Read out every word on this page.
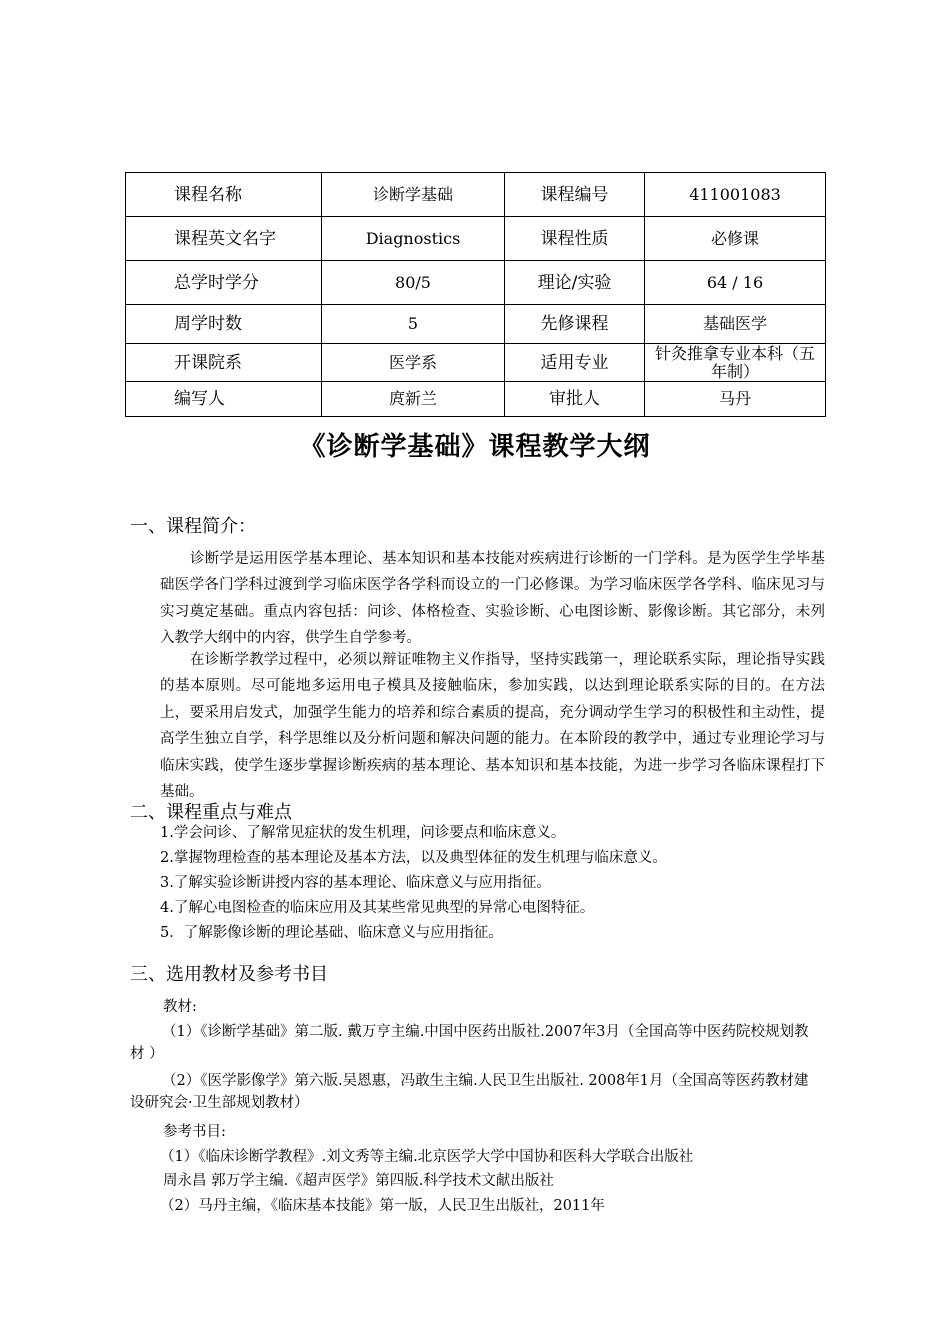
课程名称	诊断学基础	课程编号	411001083
课程英文名字	Diagnostics	课程性质	必修课
总学时学分	80/5	理论/实验	64 / 16
周学时数	5	先修课程	基础医学
开课院系	医学系	适用专业	针灸推拿专业本科（五年制）
编写人	庹新兰	审批人	马丹
《诊断学基础》课程教学大纲
一、课程简介：

诊断学是运用医学基本理论、基本知识和基本技能对疾病进行诊断的一门学科。是为医学生学毕基础医学各门学科过渡到学习临床医学各学科而设立的一门必修课。为学习临床医学各学科、临床见习与实习奠定基础。重点内容包括：问诊、体格检查、实验诊断、心电图诊断、影像诊断。其它部分，未列入教学大纲中的内容，供学生自学参考。

在诊断学教学过程中，必须以辩证唯物主义作指导，坚持实践第一，理论联系实际，理论指导实践的基本原则。尽可能地多运用电子模具及接触临床，参加实践，以达到理论联系实际的目的。在方法上，要采用启发式，加强学生能力的培养和综合素质的提高，充分调动学生学习的积极性和主动性，提高学生独立自学，科学思维以及分析问题和解决问题的能力。在本阶段的教学中，通过专业理论学习与临床实践，使学生逐步掌握诊断疾病的基本理论、基本知识和基本技能，为进一步学习各临床课程打下基础。

二、课程重点与难点

1.学会问诊、了解常见症状的发生机理，问诊要点和临床意义。

2.掌握物理检查的基本理论及基本方法，以及典型体征的发生机理与临床意义。

3.了解实验诊断讲授内容的基本理论、临床意义与应用指征。

4.了解心电图检查的临床应用及其某些常见典型的异常心电图特征。

5．了解影像诊断的理论基础、临床意义与应用指征。

三、选用教材及参考书目

教材:

（1）《诊断学基础》第二版. 戴万亨主编.中国中医药出版社.2007年3月（全国高等中医药院校规划教材 ）

（2）《医学影像学》第六版.吴恩惠，冯敢生主编.人民卫生出版社. 2008年1月（全国高等医药教材建设研究会·卫生部规划教材）

参考书目:

（1）《临床诊断学教程》.刘文秀等主编.北京医学大学中国协和医科大学联合出版社

周永昌 郭万学主编.《超声医学》第四版.科学技术文献出版社

（2）马丹主编，《临床基本技能》第一版，人民卫生出版社，2011年
